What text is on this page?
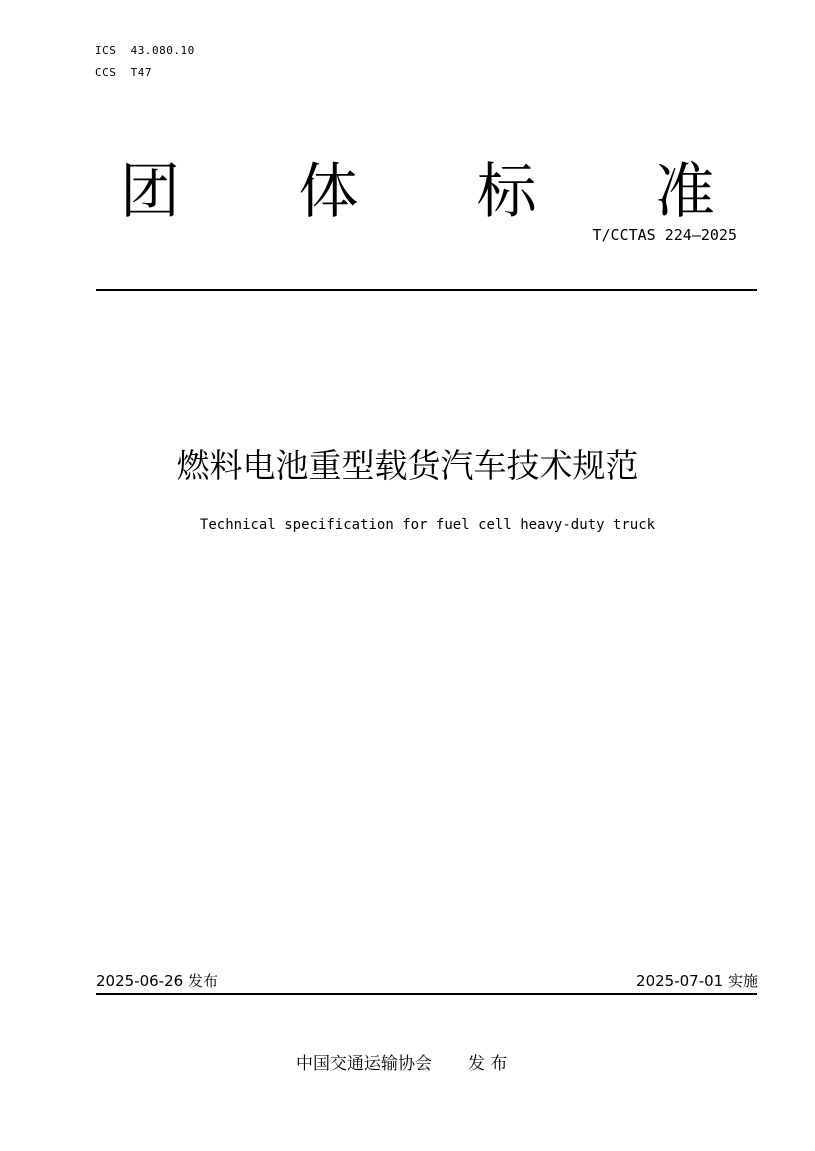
ICS  43.080.10
CCS  T47
团 体 标 准
T/CCTAS 224—2025
燃料电池重型载货汽车技术规范
Technical specification for fuel cell heavy-duty truck
2025-06-26 发布	2025-07-01 实施
中国交通运输协会 发 布
